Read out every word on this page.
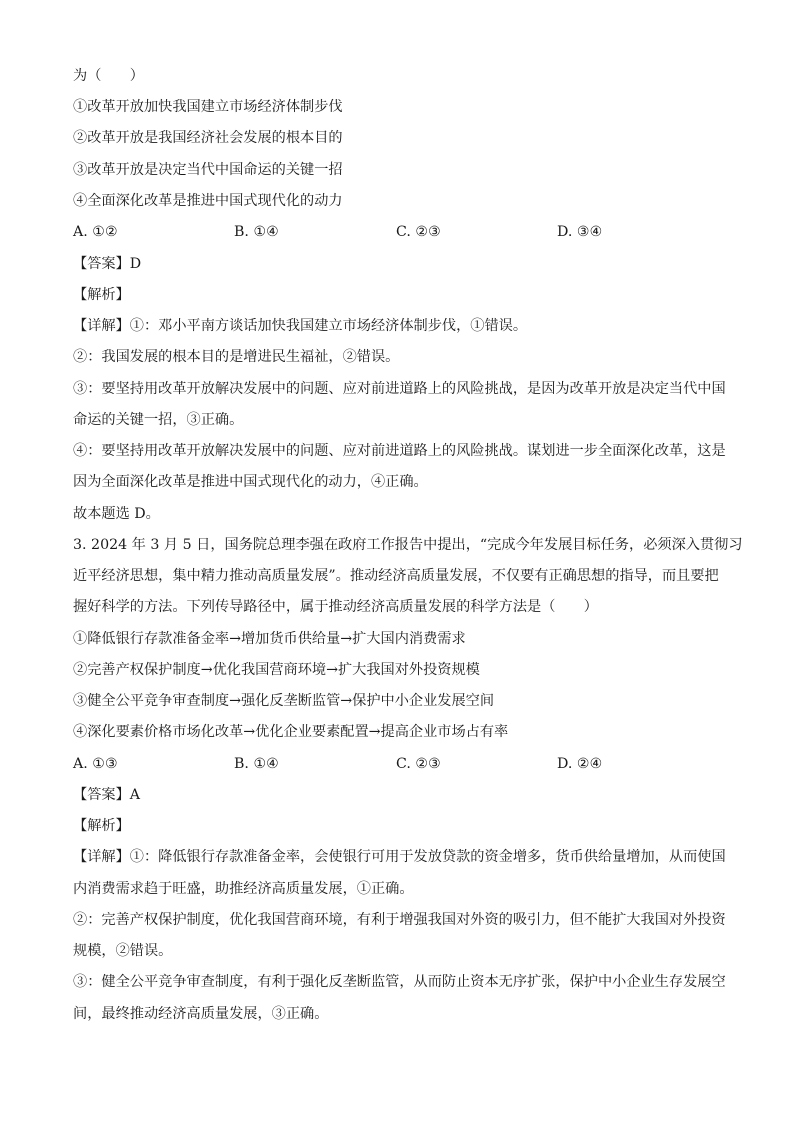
为（　　）
①改革开放加快我国建立市场经济体制步伐
②改革开放是我国经济社会发展的根本目的
③改革开放是决定当代中国命运的关键一招
④全面深化改革是推进中国式现代化的动力
A. ①②	B. ①④	C. ②③	D. ③④
【答案】D
【解析】
【详解】①：邓小平南方谈话加快我国建立市场经济体制步伐，①错误。
②：我国发展的根本目的是增进民生福祉，②错误。
③：要坚持用改革开放解决发展中的问题、应对前进道路上的风险挑战，是因为改革开放是决定当代中国
命运的关键一招，③正确。
④：要坚持用改革开放解决发展中的问题、应对前进道路上的风险挑战。谋划进一步全面深化改革，这是
因为全面深化改革是推进中国式现代化的动力，④正确。
故本题选 D。
3. 2024 年 3 月 5 日，国务院总理李强在政府工作报告中提出，“完成今年发展目标任务，必须深入贯彻习
近平经济思想，集中精力推动高质量发展”。推动经济高质量发展，不仅要有正确思想的指导，而且要把
握好科学的方法。下列传导路径中，属于推动经济高质量发展的科学方法是（　　）
①降低银行存款准备金率→增加货币供给量→扩大国内消费需求
②完善产权保护制度→优化我国营商环境→扩大我国对外投资规模
③健全公平竞争审查制度→强化反垄断监管→保护中小企业发展空间
④深化要素价格市场化改革→优化企业要素配置→提高企业市场占有率
A. ①③	B. ①④	C. ②③	D. ②④
【答案】A
【解析】
【详解】①：降低银行存款准备金率，会使银行可用于发放贷款的资金增多，货币供给量增加，从而使国
内消费需求趋于旺盛，助推经济高质量发展，①正确。
②：完善产权保护制度，优化我国营商环境，有利于增强我国对外资的吸引力，但不能扩大我国对外投资
规模，②错误。
③：健全公平竞争审查制度，有利于强化反垄断监管，从而防止资本无序扩张，保护中小企业生存发展空
间，最终推动经济高质量发展，③正确。
